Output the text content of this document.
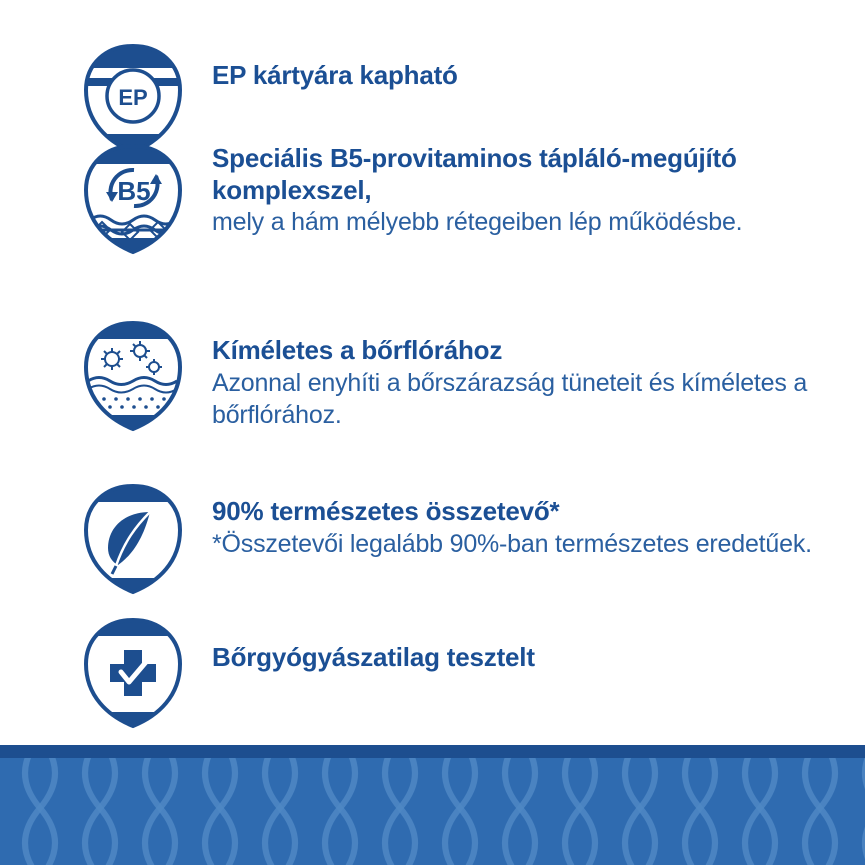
EP

EP kártyára kapható

B5

Speciális B5-provitaminos tápláló-megújító komplexszel,

mely a hám mélyebb rétegeiben lép működésbe.

Kíméletes a bőrflórához

Azonnal enyhíti a bőrszárazság tüneteit és kíméletes a bőrflórához.

90% természetes összetevő*

*Összetevői legalább 90%-ban természetes eredetűek.

Bőrgyógyászatilag tesztelt
